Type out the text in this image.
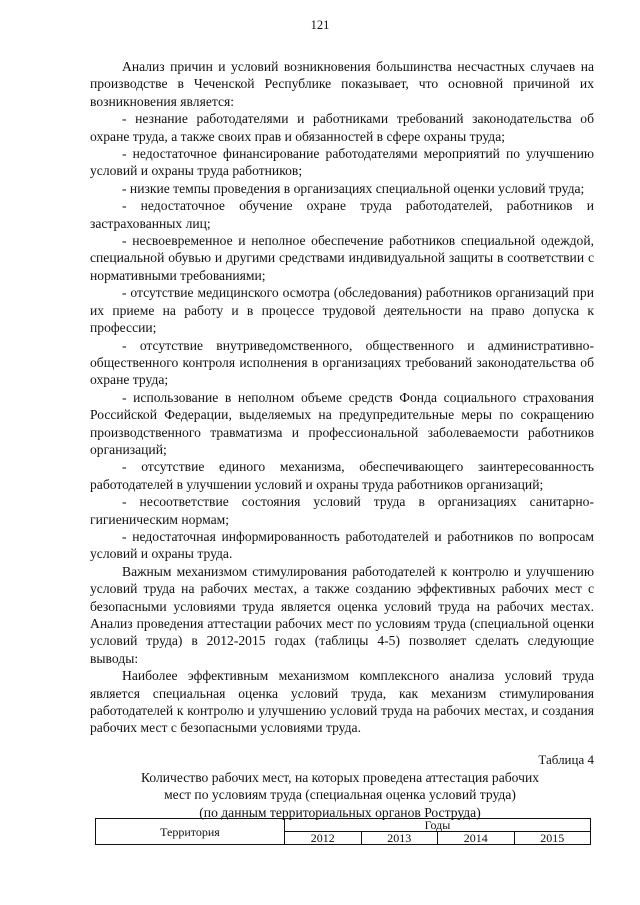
121

Анализ причин и условий возникновения большинства несчастных случаев на производстве в Чеченской Республике показывает, что основной причиной их возникновения является:

- незнание работодателями и работниками требований законодательства об охране труда, а также своих прав и обязанностей в сфере охраны труда;

- недостаточное финансирование работодателями мероприятий по улучшению условий и охраны труда работников;

- низкие темпы проведения в организациях специальной оценки условий труда;

- недостаточное обучение охране труда работодателей, работников и застрахованных лиц;

- несвоевременное и неполное обеспечение работников специальной одеждой, специальной обувью и другими средствами индивидуальной защиты в соответствии с нормативными требованиями;

- отсутствие медицинского осмотра (обследования) работников организаций при их приеме на работу и в процессе трудовой деятельности на право допуска к профессии;

- отсутствие внутриведомственного, общественного и административно-общественного контроля исполнения в организациях требований законодательства об охране труда;

- использование в неполном объеме средств Фонда социального страхования Российской Федерации, выделяемых на предупредительные меры по сокращению производственного травматизма и профессиональной заболеваемости работников организаций;

- отсутствие единого механизма, обеспечивающего заинтересованность работодателей в улучшении условий и охраны труда работников организаций;

- несоответствие состояния условий труда в организациях санитарно-гигиеническим нормам;

- недостаточная информированность работодателей и работников по вопросам условий и охраны труда.

Важным механизмом стимулирования работодателей к контролю и улучшению условий труда на рабочих местах, а также созданию эффективных рабочих мест с безопасными условиями труда является оценка условий труда на рабочих местах. Анализ проведения аттестации рабочих мест по условиям труда (специальной оценки условий труда) в 2012-2015 годах (таблицы 4-5) позволяет сделать следующие выводы:

Наиболее эффективным механизмом комплексного анализа условий труда является специальная оценка условий труда, как механизм стимулирования работодателей к контролю и улучшению условий труда на рабочих местах, и создания рабочих мест с безопасными условиями труда.

Таблица 4
Количество рабочих мест, на которых проведена аттестация рабочих
мест по условиям труда (специальная оценка условий труда)
(по данным территориальных органов Роструда)
Территория	Годы			
	2012	2013	2014	2015
